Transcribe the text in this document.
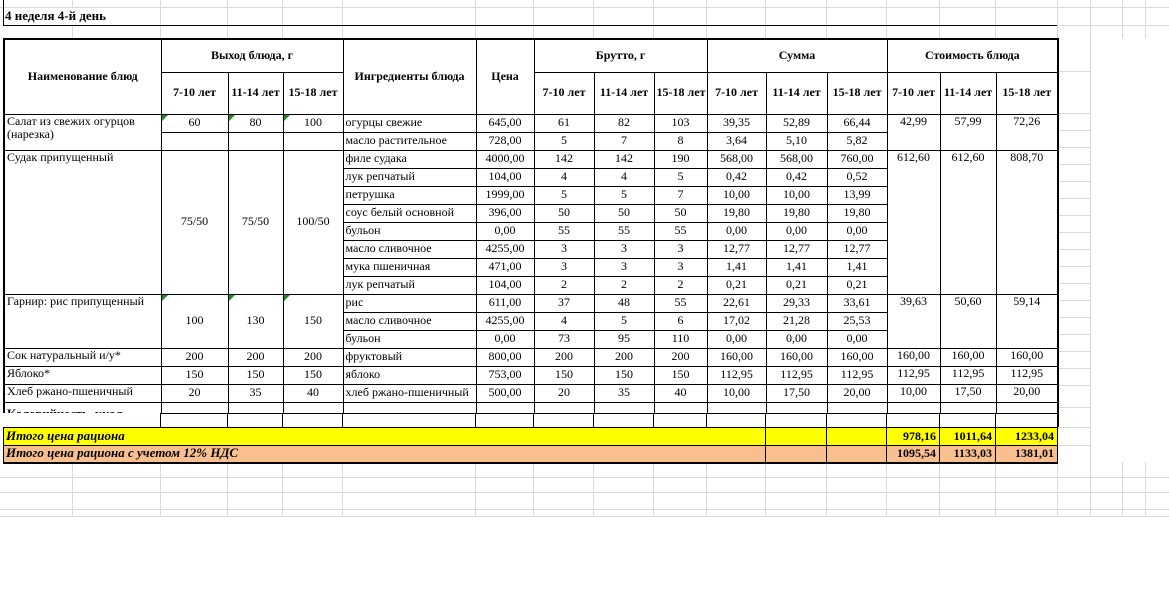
4 неделя 4-й день
Наименование блюд	Выход блюда, г			Ингредиенты блюда	Цена	Брутто, г			Сумма			Стоимость блюда		
	7-10 лет	11-14 лет	15-18 лет			7-10 лет	11-14 лет	15-18 лет	7-10 лет	11-14 лет	15-18 лет	7-10 лет	11-14 лет	15-18 лет
Салат из свежих огурцов (нарезка)	60	80	100	огурцы свежие	645,00	61	82	103	39,35	52,89	66,44	42,99	57,99	72,26
				масло растительное	728,00	5	7	8	3,64	5,10	5,82			
Судак припущенный	75/50	75/50	100/50	филе судака	4000,00	142	142	190	568,00	568,00	760,00	612,60	612,60	808,70
				лук репчатый	104,00	4	4	5	0,42	0,42	0,52			
				петрушка	1999,00	5	5	7	10,00	10,00	13,99			
				соус белый основной	396,00	50	50	50	19,80	19,80	19,80			
				бульон	0,00	55	55	55	0,00	0,00	0,00			
				масло сливочное	4255,00	3	3	3	12,77	12,77	12,77			
				мука пшеничная	471,00	3	3	3	1,41	1,41	1,41			
				лук репчатый	104,00	2	2	2	0,21	0,21	0,21			
Гарнир: рис припущенный	100	130	150	рис	611,00	37	48	55	22,61	29,33	33,61	39,63	50,60	59,14
				масло сливочное	4255,00	4	5	6	17,02	21,28	25,53			
				бульон	0,00	73	95	110	0,00	0,00	0,00			
Сок натуральный и/у*	200	200	200	фруктовый	800,00	200	200	200	160,00	160,00	160,00	160,00	160,00	160,00
Яблоко*	150	150	150	яблоко	753,00	150	150	150	112,95	112,95	112,95	112,95	112,95	112,95
Хлеб ржано-пшеничный	20	35	40	хлеб ржано-пшеничный	500,00	20	35	40	10,00	17,50	20,00	10,00	17,50	20,00

Итого цена рациона												978,16	1011,64	1233,04
Итого цена рациона с учетом 12% НДС												1095,54	1133,03	1381,01
